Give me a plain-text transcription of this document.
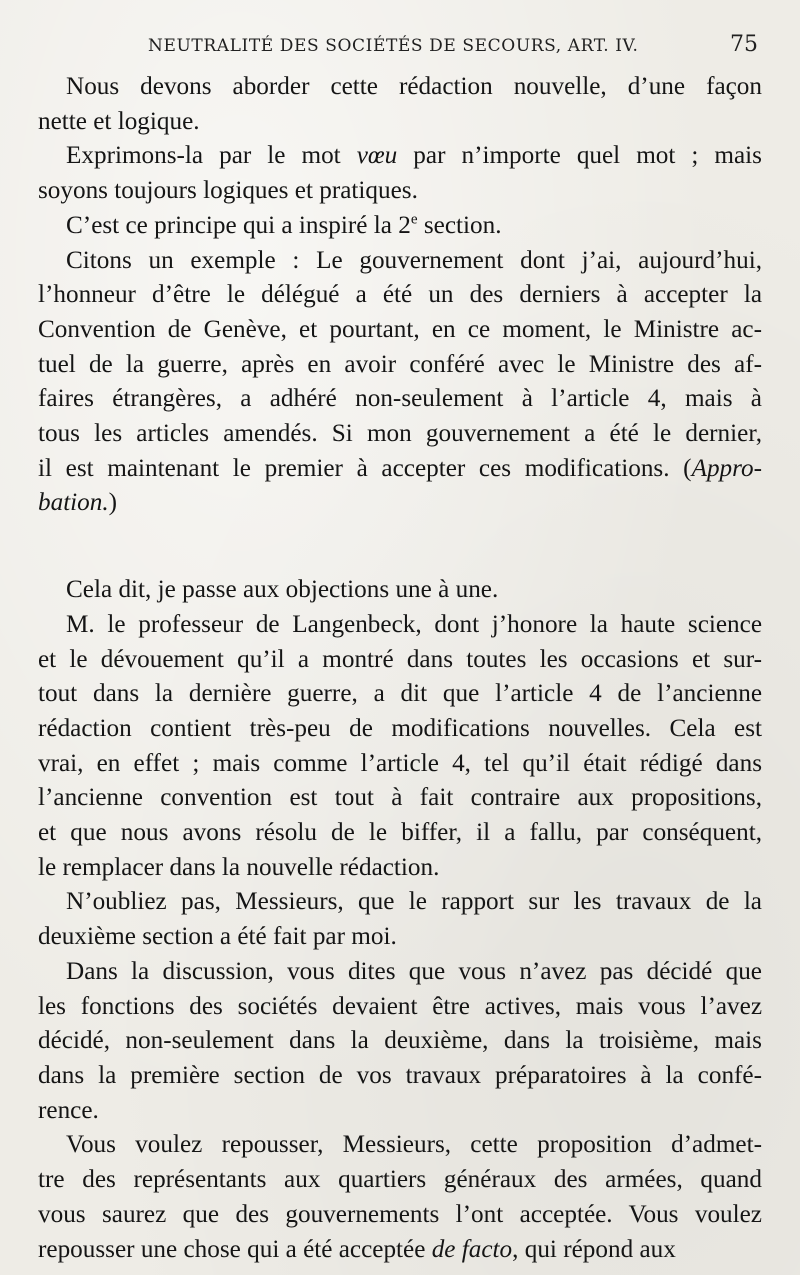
NEUTRALITÉ DES SOCIÉTÉS DE SECOURS, ART. IV.	75

Nous devons aborder cette rédaction nouvelle, d’une façon
nette et logique.

Exprimons-la par le mot vœu par n’importe quel mot ; mais
soyons toujours logiques et pratiques.

C’est ce principe qui a inspiré la 2e section.

Citons un exemple : Le gouvernement dont j’ai, aujourd’hui,
l’honneur d’être le délégué a été un des derniers à accepter la
Convention de Genève, et pourtant, en ce moment, le Ministre ac-
tuel de la guerre, après en avoir conféré avec le Ministre des af-
faires étrangères, a adhéré non-seulement à l’article 4, mais à
tous les articles amendés. Si mon gouvernement a été le dernier,
il est maintenant le premier à accepter ces modifications. (Appro-
bation.)

Cela dit, je passe aux objections une à une.

M. le professeur de Langenbeck, dont j’honore la haute science
et le dévouement qu’il a montré dans toutes les occasions et sur-
tout dans la dernière guerre, a dit que l’article 4 de l’ancienne
rédaction contient très-peu de modifications nouvelles. Cela est
vrai, en effet ; mais comme l’article 4, tel qu’il était rédigé dans
l’ancienne convention est tout à fait contraire aux propositions,
et que nous avons résolu de le biffer, il a fallu, par conséquent,
le remplacer dans la nouvelle rédaction.

N’oubliez pas, Messieurs, que le rapport sur les travaux de la
deuxième section a été fait par moi.

Dans la discussion, vous dites que vous n’avez pas décidé que
les fonctions des sociétés devaient être actives, mais vous l’avez
décidé, non-seulement dans la deuxième, dans la troisième, mais
dans la première section de vos travaux préparatoires à la confé-
rence.

Vous voulez repousser, Messieurs, cette proposition d’admet-
tre des représentants aux quartiers généraux des armées, quand
vous saurez que des gouvernements l’ont acceptée. Vous voulez
repousser une chose qui a été acceptée de facto, qui répond aux
